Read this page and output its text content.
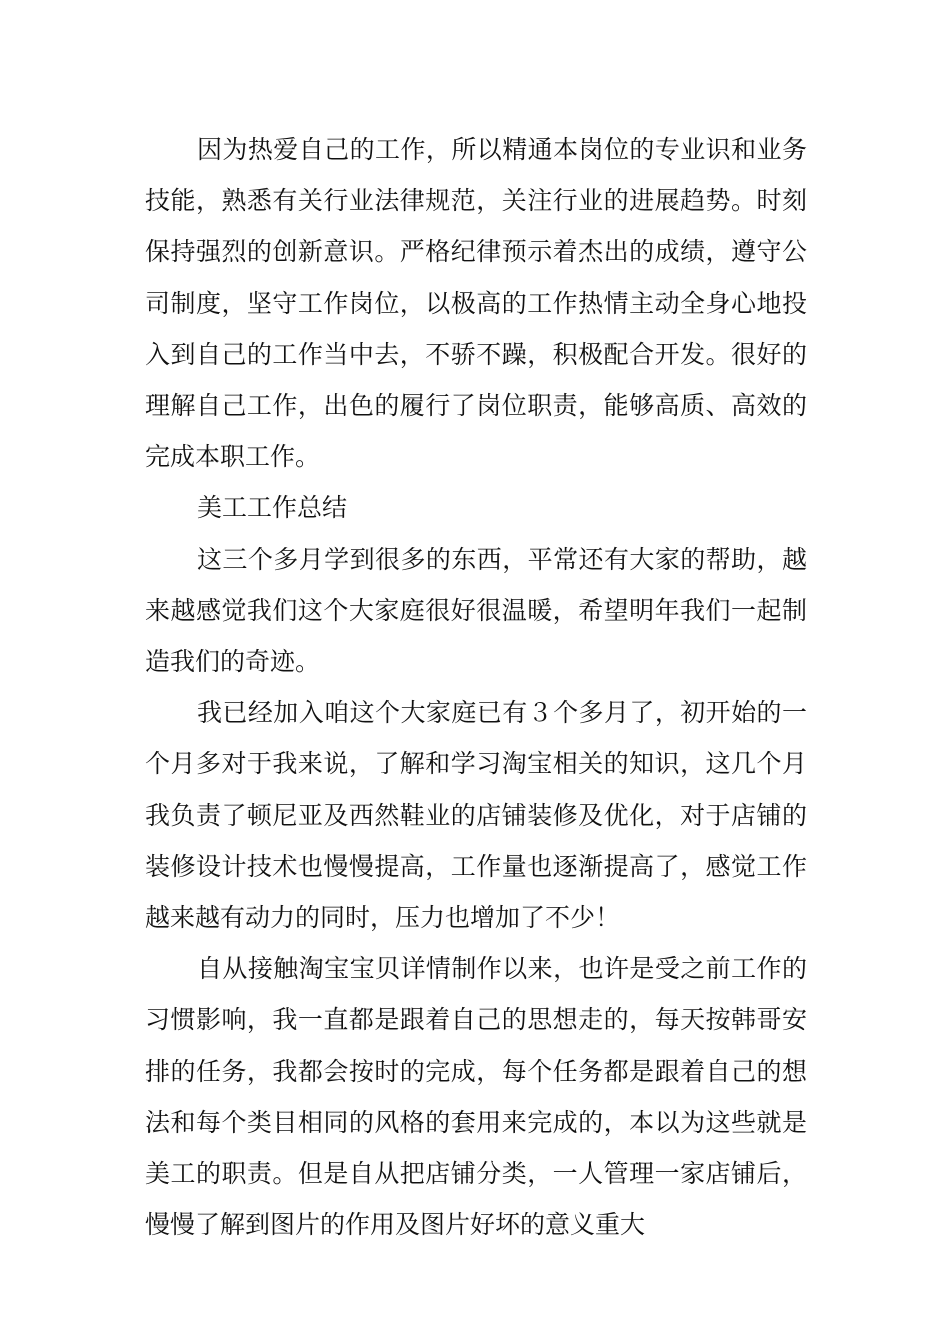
因为热爱自己的工作，所以精通本岗位的专业识和业务技能，熟悉有关行业法律规范，关注行业的进展趋势。时刻保持强烈的创新意识。严格纪律预示着杰出的成绩，遵守公司制度，坚守工作岗位，以极高的工作热情主动全身心地投入到自己的工作当中去，不骄不躁，积极配合开发。很好的理解自己工作，出色的履行了岗位职责，能够高质、高效的完成本职工作。

美工工作总结

这三个多月学到很多的东西，平常还有大家的帮助，越来越感觉我们这个大家庭很好很温暖，希望明年我们一起制造我们的奇迹。

我已经加入咱这个大家庭已有３个多月了，初开始的一个月多对于我来说，了解和学习淘宝相关的知识，这几个月我负责了顿尼亚及西然鞋业的店铺装修及优化，对于店铺的装修设计技术也慢慢提高，工作量也逐渐提高了，感觉工作越来越有动力的同时，压力也增加了不少！

自从接触淘宝宝贝详情制作以来，也许是受之前工作的习惯影响，我一直都是跟着自己的思想走的，每天按韩哥安排的任务，我都会按时的完成，每个任务都是跟着自己的想法和每个类目相同的风格的套用来完成的，本以为这些就是美工的职责。但是自从把店铺分类，一人管理一家店铺后，慢慢了解到图片的作用及图片好坏的意义重大
